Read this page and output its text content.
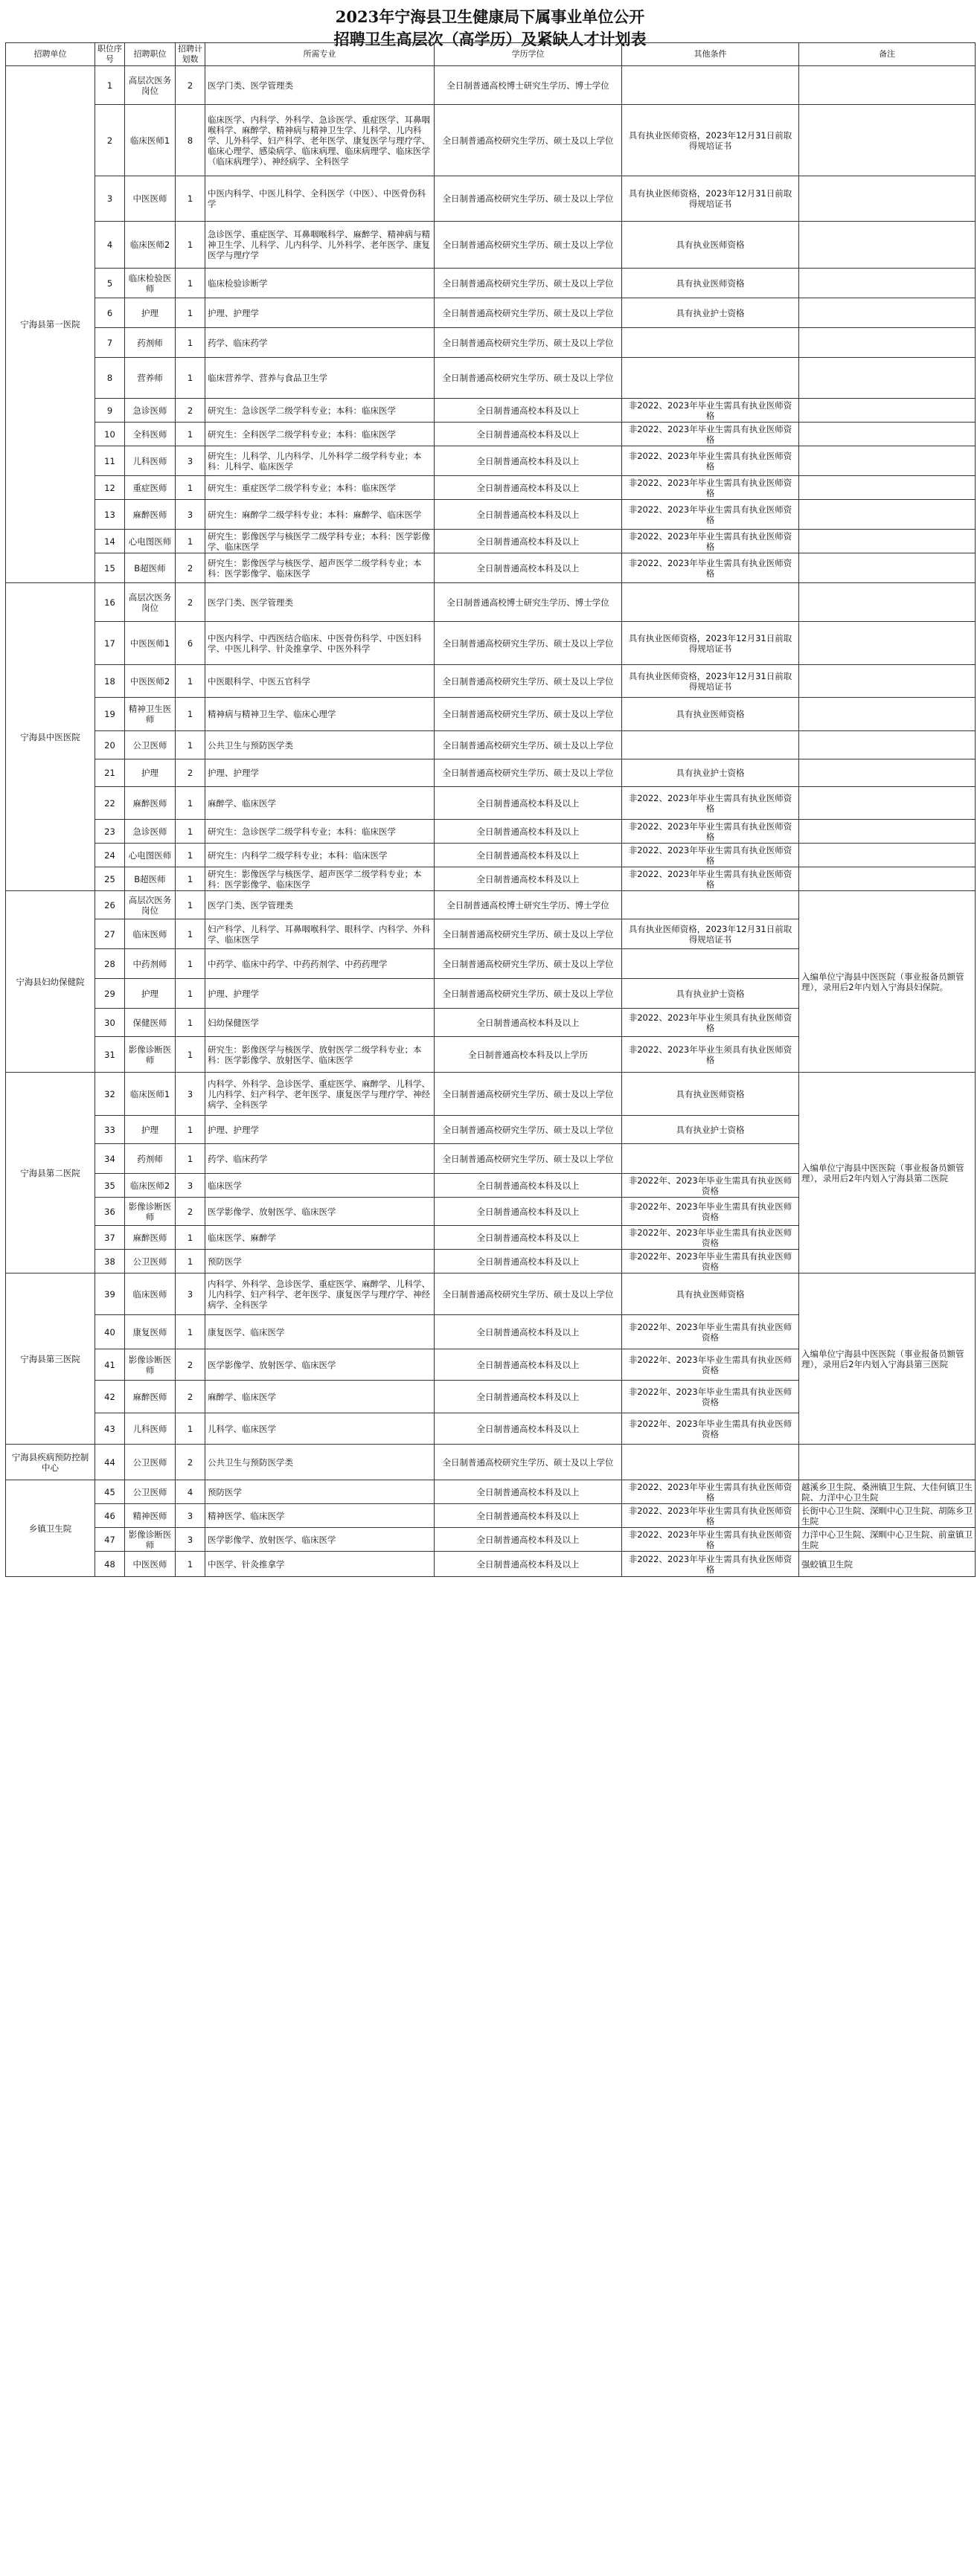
2023年宁海县卫生健康局下属事业单位公开
招聘卫生高层次（高学历）及紧缺人才计划表
招聘单位	职位序号	招聘职位	招聘计划数	所需专业	学历学位	其他条件	备注
宁海县第一医院	1	高层次医务岗位	2	医学门类、医学管理类	全日制普通高校博士研究生学历、博士学位		
	2	临床医师1	8	临床医学、内科学、外科学、急诊医学、重症医学、耳鼻咽喉科学、麻醉学、精神病与精神卫生学、儿科学、儿内科学、儿外科学、妇产科学、老年医学、康复医学与理疗学、临床心理学、感染病学、临床病理、临床病理学、临床医学（临床病理学）、神经病学、全科医学	全日制普通高校研究生学历、硕士及以上学位	具有执业医师资格，2023年12月31日前取得规培证书	
	3	中医医师	1	中医内科学、中医儿科学、全科医学（中医）、中医骨伤科学	全日制普通高校研究生学历、硕士及以上学位	具有执业医师资格，2023年12月31日前取得规培证书	
	4	临床医师2	1	急诊医学、重症医学、耳鼻咽喉科学、麻醉学、精神病与精神卫生学、儿科学、儿内科学、儿外科学、老年医学、康复医学与理疗学	全日制普通高校研究生学历、硕士及以上学位	具有执业医师资格	
	5	临床检验医师	1	临床检验诊断学	全日制普通高校研究生学历、硕士及以上学位	具有执业医师资格	
	6	护理	1	护理、护理学	全日制普通高校研究生学历、硕士及以上学位	具有执业护士资格	
	7	药剂师	1	药学、临床药学	全日制普通高校研究生学历、硕士及以上学位		
	8	营养师	1	临床营养学、营养与食品卫生学	全日制普通高校研究生学历、硕士及以上学位		
	9	急诊医师	2	研究生：急诊医学二级学科专业；本科：临床医学	全日制普通高校本科及以上	非2022、2023年毕业生需具有执业医师资格	
	10	全科医师	1	研究生：全科医学二级学科专业；本科：临床医学	全日制普通高校本科及以上	非2022、2023年毕业生需具有执业医师资格	
	11	儿科医师	3	研究生：儿科学、儿内科学、儿外科学二级学科专业；本科：儿科学、临床医学	全日制普通高校本科及以上	非2022、2023年毕业生需具有执业医师资格	
	12	重症医师	1	研究生：重症医学二级学科专业；本科：临床医学	全日制普通高校本科及以上	非2022、2023年毕业生需具有执业医师资格	
	13	麻醉医师	3	研究生：麻醉学二级学科专业；本科：麻醉学、临床医学	全日制普通高校本科及以上	非2022、2023年毕业生需具有执业医师资格	
	14	心电图医师	1	研究生：影像医学与核医学二级学科专业；本科：医学影像学、临床医学	全日制普通高校本科及以上	非2022、2023年毕业生需具有执业医师资格	
	15	B超医师	2	研究生：影像医学与核医学、超声医学二级学科专业；本科：医学影像学、临床医学	全日制普通高校本科及以上	非2022、2023年毕业生需具有执业医师资格	
宁海县中医医院	16	高层次医务岗位	2	医学门类、医学管理类	全日制普通高校博士研究生学历、博士学位		
	17	中医医师1	6	中医内科学、中西医结合临床、中医骨伤科学、中医妇科学、中医儿科学、针灸推拿学、中医外科学	全日制普通高校研究生学历、硕士及以上学位	具有执业医师资格，2023年12月31日前取得规培证书	
	18	中医医师2	1	中医眼科学、中医五官科学	全日制普通高校研究生学历、硕士及以上学位	具有执业医师资格，2023年12月31日前取得规培证书	
	19	精神卫生医师	1	精神病与精神卫生学、临床心理学	全日制普通高校研究生学历、硕士及以上学位	具有执业医师资格	
	20	公卫医师	1	公共卫生与预防医学类	全日制普通高校研究生学历、硕士及以上学位		
	21	护理	2	护理、护理学	全日制普通高校研究生学历、硕士及以上学位	具有执业护士资格	
	22	麻醉医师	1	麻醉学、临床医学	全日制普通高校本科及以上	非2022、2023年毕业生需具有执业医师资格	
	23	急诊医师	1	研究生：急诊医学二级学科专业；本科：临床医学	全日制普通高校本科及以上	非2022、2023年毕业生需具有执业医师资格	
	24	心电图医师	1	研究生：内科学二级学科专业；本科：临床医学	全日制普通高校本科及以上	非2022、2023年毕业生需具有执业医师资格	
	25	B超医师	1	研究生：影像医学与核医学、超声医学二级学科专业；本科：医学影像学、临床医学	全日制普通高校本科及以上	非2022、2023年毕业生需具有执业医师资格	
宁海县妇幼保健院	26	高层次医务岗位	1	医学门类、医学管理类	全日制普通高校博士研究生学历、博士学位		入编单位宁海县中医医院（事业报备员额管理），录用后2年内划入宁海县妇保院。
	27	临床医师	1	妇产科学、儿科学、耳鼻咽喉科学、眼科学、内科学、外科学、临床医学	全日制普通高校研究生学历、硕士及以上学位	具有执业医师资格，2023年12月31日前取得规培证书	
	28	中药剂师	1	中药学、临床中药学、中药药剂学、中药药理学	全日制普通高校研究生学历、硕士及以上学位		
	29	护理	1	护理、护理学	全日制普通高校研究生学历、硕士及以上学位	具有执业护士资格	
	30	保健医师	1	妇幼保健医学	全日制普通高校本科及以上	非2022、2023年毕业生须具有执业医师资格	
	31	影像诊断医师	1	研究生：影像医学与核医学、放射医学二级学科专业；本科：医学影像学、放射医学、临床医学	全日制普通高校本科及以上学历	非2022、2023年毕业生须具有执业医师资格	
宁海县第二医院	32	临床医师1	3	内科学、外科学、急诊医学、重症医学、麻醉学、儿科学、儿内科学、妇产科学、老年医学、康复医学与理疗学、神经病学、全科医学	全日制普通高校研究生学历、硕士及以上学位	具有执业医师资格	入编单位宁海县中医医院（事业报备员额管理），录用后2年内划入宁海县第二医院
	33	护理	1	护理、护理学	全日制普通高校研究生学历、硕士及以上学位	具有执业护士资格	
	34	药剂师	1	药学、临床药学	全日制普通高校研究生学历、硕士及以上学位		
	35	临床医师2	3	临床医学	全日制普通高校本科及以上	非2022年、2023年毕业生需具有执业医师资格	
	36	影像诊断医师	2	医学影像学、放射医学、临床医学	全日制普通高校本科及以上	非2022年、2023年毕业生需具有执业医师资格	
	37	麻醉医师	1	临床医学、麻醉学	全日制普通高校本科及以上	非2022年、2023年毕业生需具有执业医师资格	
	38	公卫医师	1	预防医学	全日制普通高校本科及以上	非2022年、2023年毕业生需具有执业医师资格	
宁海县第三医院	39	临床医师	3	内科学、外科学、急诊医学、重症医学、麻醉学、儿科学、儿内科学、妇产科学、老年医学、康复医学与理疗学、神经病学、全科医学	全日制普通高校研究生学历、硕士及以上学位	具有执业医师资格	入编单位宁海县中医医院（事业报备员额管理），录用后2年内划入宁海县第三医院
	40	康复医师	1	康复医学、临床医学	全日制普通高校本科及以上	非2022年、2023年毕业生需具有执业医师资格	
	41	影像诊断医师	2	医学影像学、放射医学、临床医学	全日制普通高校本科及以上	非2022年、2023年毕业生需具有执业医师资格	
	42	麻醉医师	2	麻醉学、临床医学	全日制普通高校本科及以上	非2022年、2023年毕业生需具有执业医师资格	
	43	儿科医师	1	儿科学、临床医学	全日制普通高校本科及以上	非2022年、2023年毕业生需具有执业医师资格	
宁海县疾病预防控制中心	44	公卫医师	2	公共卫生与预防医学类	全日制普通高校研究生学历、硕士及以上学位		
乡镇卫生院	45	公卫医师	4	预防医学	全日制普通高校本科及以上	非2022、2023年毕业生需具有执业医师资格	越溪乡卫生院、桑洲镇卫生院、大佳何镇卫生院、力洋中心卫生院
	46	精神医师	3	精神医学、临床医学	全日制普通高校本科及以上	非2022、2023年毕业生需具有执业医师资格	长街中心卫生院、深甽中心卫生院、胡陈乡卫生院
	47	影像诊断医师	3	医学影像学、放射医学、临床医学	全日制普通高校本科及以上	非2022、2023年毕业生需具有执业医师资格	力洋中心卫生院、深甽中心卫生院、前童镇卫生院
	48	中医医师	1	中医学、针灸推拿学	全日制普通高校本科及以上	非2022、2023年毕业生需具有执业医师资格	强蛟镇卫生院
